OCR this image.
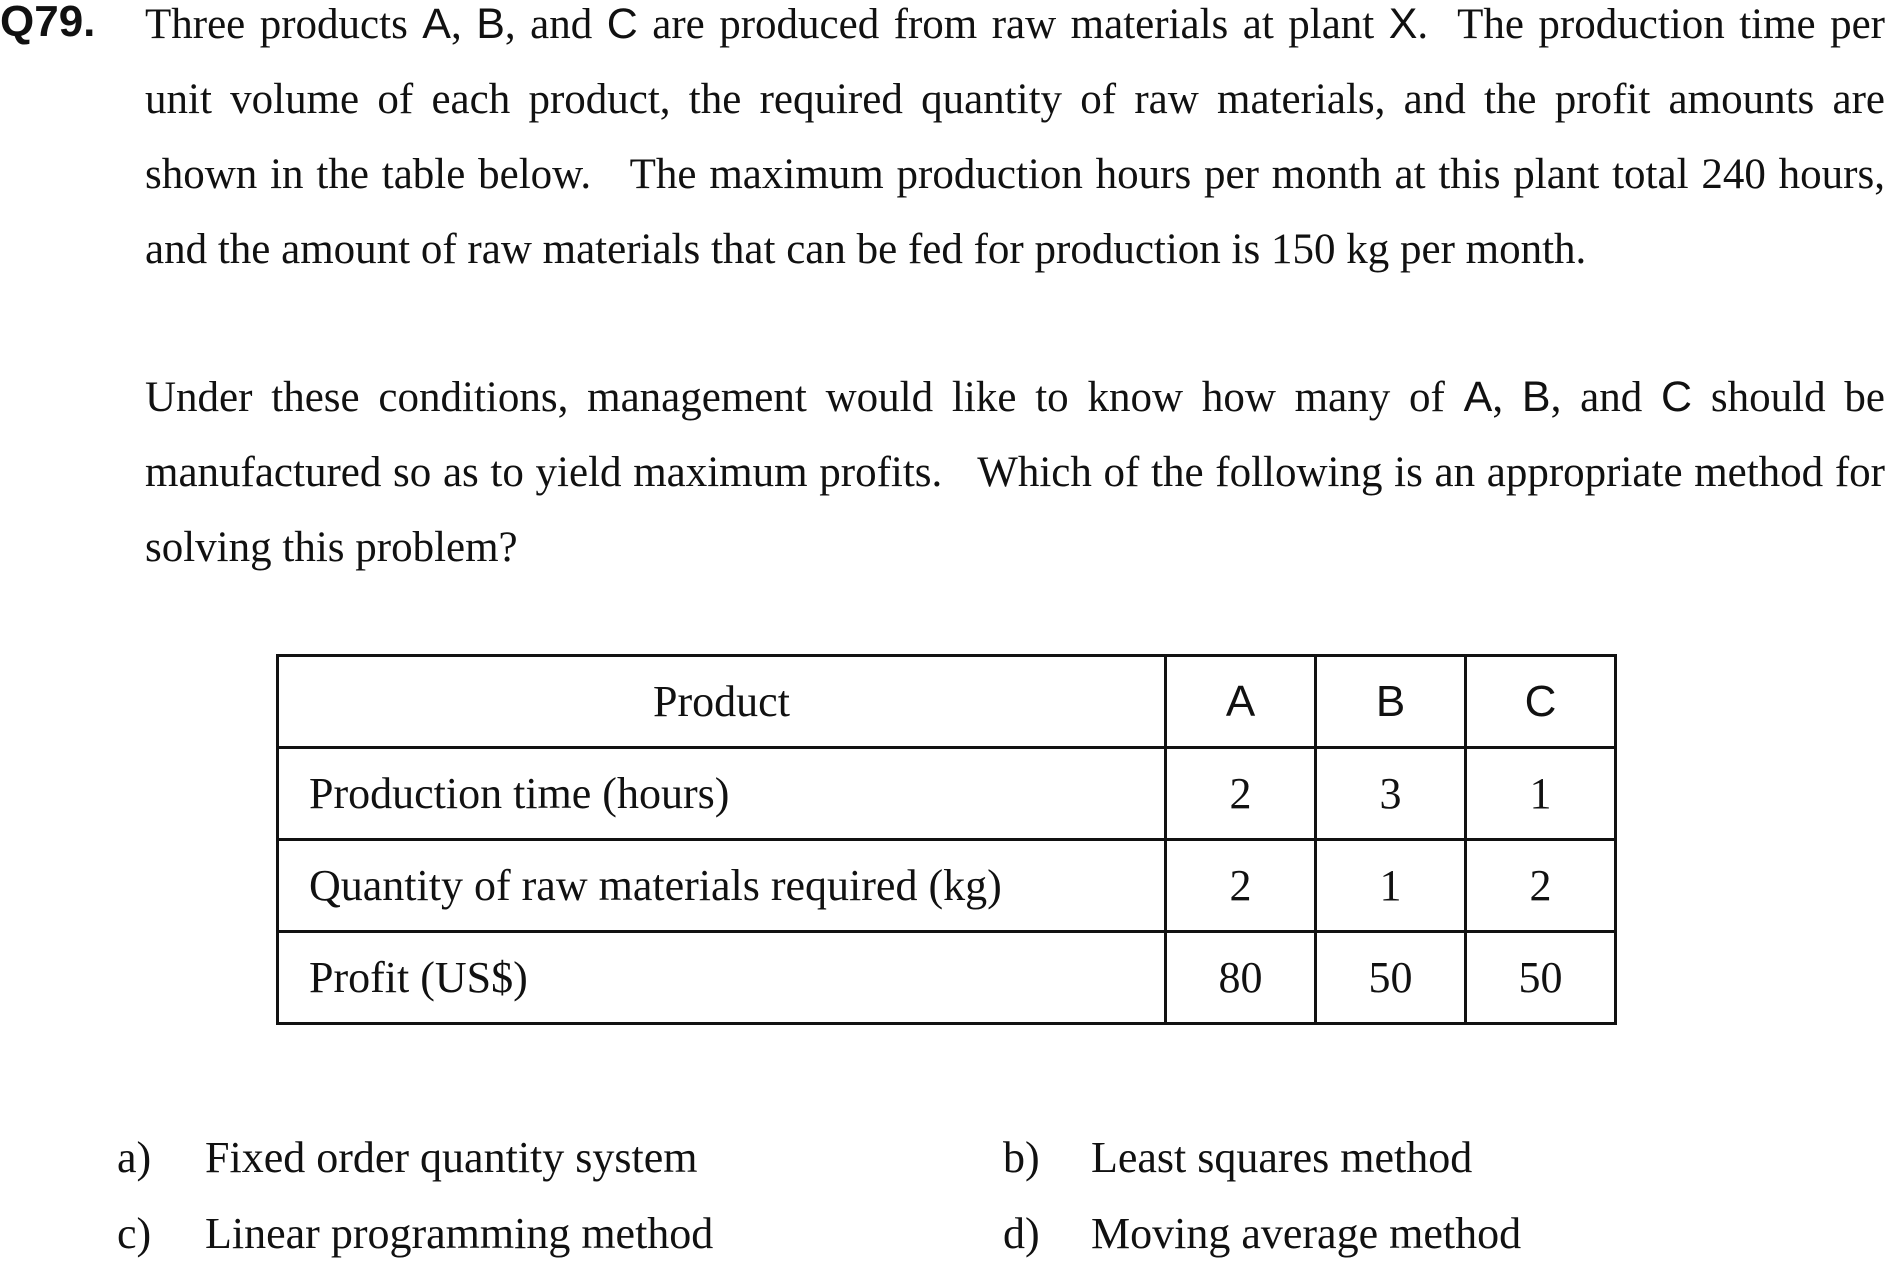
Q79. Three products A, B, and C are produced from raw materials at plant X.  The production time per unit volume of each product, the required quantity of raw materials, and the profit amounts are shown in the table below.   The maximum production hours per month at this plant total 240 hours, and the amount of raw materials that can be fed for production is 150 kg per month.
Under these conditions, management would like to know how many of A, B, and C should be manufactured so as to yield maximum profits.   Which of the following is an appropriate method for solving this problem?
Product	A	B	C
Production time (hours)	2	3	1
Quantity of raw materials required (kg)	2	1	2
Profit (US$)	80	50	50
a) Fixed order quantity system	b) Least squares method
c) Linear programming method	d) Moving average method
